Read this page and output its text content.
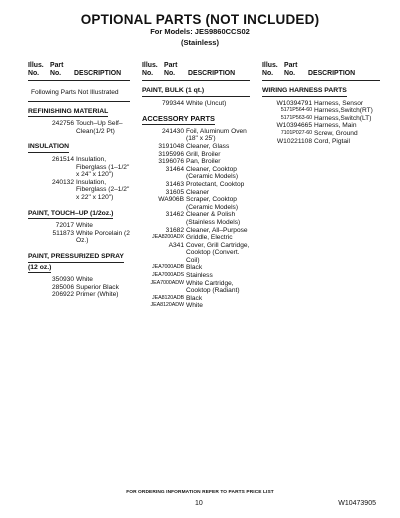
OPTIONAL PARTS (NOT INCLUDED)
For Models: JES9860CCS02
(Stainless)
Illus.
No.
Part
No.	DESCRIPTION
Following Parts Not Illustrated
REFINISHING MATERIAL
242756 Touch–Up Self–Clean(1/2 Pt)
INSULATION
261514 Insulation, Fiberglass (1–1/2" x 24" x 120")
240132 Insulation, Fiberglass (2–1/2" x 22" x 120")
PAINT, TOUCH–UP (1/2oz.)
72017 White
511873 White Porcelain (2 Oz.)
PAINT, PRESSURIZED SPRAY
(12 oz.)
350930 White
285006 Superior Black
206922 Primer (White)
Illus.
No.
Part
No.	DESCRIPTION
PAINT, BULK (1 qt.)
799344 White (Uncut)
ACCESSORY PARTS
241430 Foil, Aluminum Oven (18" x 25')
3191048 Cleaner, Glass
3195996 Grill, Broiler
3196076 Pan, Broiler
31464 Cleaner, Cooktop (Ceramic Models)
31463 Protectant, Cooktop
31605 Cleaner
WA906B Scraper, Cooktop (Ceramic Models)
31462 Cleaner & Polish (Stainless Models)
31682 Cleaner, All–Purpose
JEA8200ADX Griddle, Electric
A341 Cover, Grill Cartridge, Cooktop (Convert. Coil)
JEA7000ADB Black
JEA7000ADS Stainless
JEA7000ADW White Cartridge, Cooktop (Radiant)
JEA8120ADB Black
JEA8120ADW White
Illus.
No.
Part
No.	DESCRIPTION
WIRING HARNESS PARTS
W10394791 Harness, Sensor
5171P564-60 Harness,Switch(RT)
5171P563-60 Harness,Switch(LT)
W10394665 Harness, Main
7101P027-60 Screw, Ground
W10221108 Cord, Pigtail
FOR ORDERING INFORMATION REFER TO PARTS PRICE LIST
10	W10473905
